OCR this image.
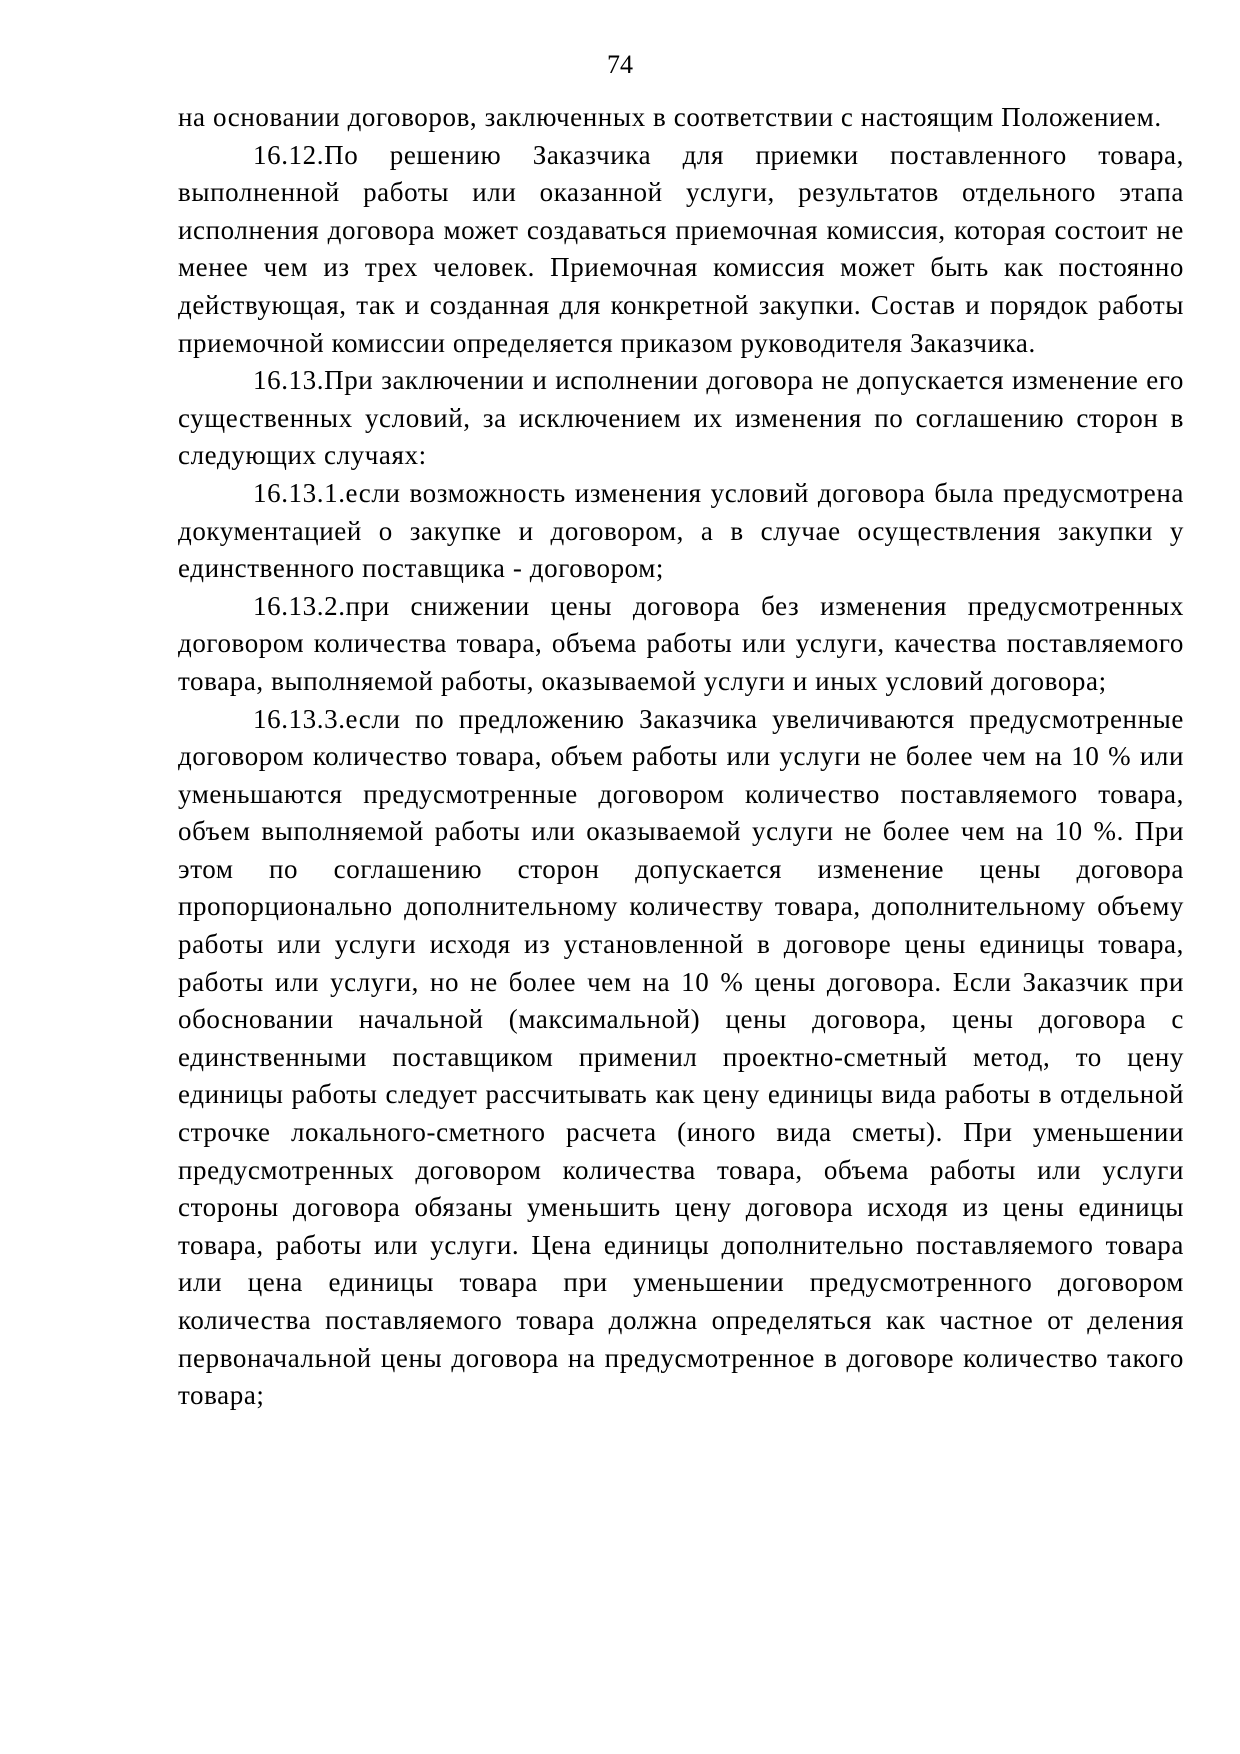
74

на основании договоров, заключенных в соответствии с настоящим Положением.

16.12.По решению Заказчика для приемки поставленного товара, выполненной работы или оказанной услуги, результатов отдельного этапа исполнения договора может создаваться приемочная комиссия, которая состоит не менее чем из трех человек. Приемочная комиссия может быть как постоянно действующая, так и созданная для конкретной закупки. Состав и порядок работы приемочной комиссии определяется приказом руководителя Заказчика.

16.13.При заключении и исполнении договора не допускается изменение его существенных условий, за исключением их изменения по соглашению сторон в следующих случаях:

16.13.1.если возможность изменения условий договора была предусмотрена документацией о закупке и договором, а в случае осуществления закупки у единственного поставщика - договором;

16.13.2.при снижении цены договора без изменения предусмотренных договором количества товара, объема работы или услуги, качества поставляемого товара, выполняемой работы, оказываемой услуги и иных условий договора;

16.13.3.если по предложению Заказчика увеличиваются предусмотренные договором количество товара, объем работы или услуги не более чем на 10 % или уменьшаются предусмотренные договором количество поставляемого товара, объем выполняемой работы или оказываемой услуги не более чем на 10 %. При этом по соглашению сторон допускается изменение цены договора пропорционально дополнительному количеству товара, дополнительному объему работы или услуги исходя из установленной в договоре цены единицы товара, работы или услуги, но не более чем на 10 % цены договора. Если Заказчик при обосновании начальной (максимальной) цены договора, цены договора с единственными поставщиком применил проектно-сметный метод, то цену единицы работы следует рассчитывать как цену единицы вида работы в отдельной строчке локального-сметного расчета (иного вида сметы). При уменьшении предусмотренных договором количества товара, объема работы или услуги стороны договора обязаны уменьшить цену договора исходя из цены единицы товара, работы или услуги. Цена единицы дополнительно поставляемого товара или цена единицы товара при уменьшении предусмотренного договором количества поставляемого товара должна определяться как частное от деления первоначальной цены договора на предусмотренное в договоре количество такого товара;
